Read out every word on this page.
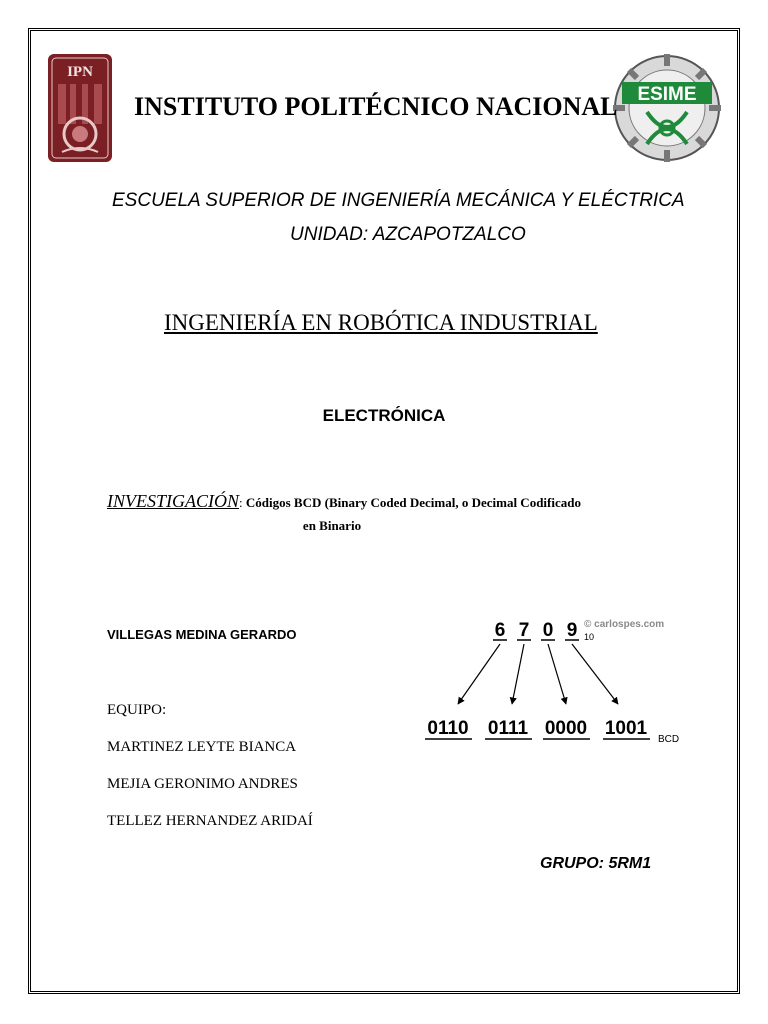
IPN
ESIME
INSTITUTO POLITÉCNICO NACIONAL
ESCUELA SUPERIOR DE INGENIERÍA MECÁNICA Y ELÉCTRICA
UNIDAD: AZCAPOTZALCO
INGENIERÍA EN ROBÓTICA INDUSTRIAL
ELECTRÓNICA
INVESTIGACIÓN: Códigos BCD (Binary Coded Decimal, o Decimal Codificado
en Binario
VILLEGAS MEDINA GERARDO
EQUIPO:
MARTINEZ LEYTE BIANCA
MEJIA GERONIMO ANDRES
TELLEZ HERNANDEZ ARIDAÍ
GRUPO: 5RM1
6 7 0 9 10
© carlospes.com
0110 0111 0000 1001
BCD
